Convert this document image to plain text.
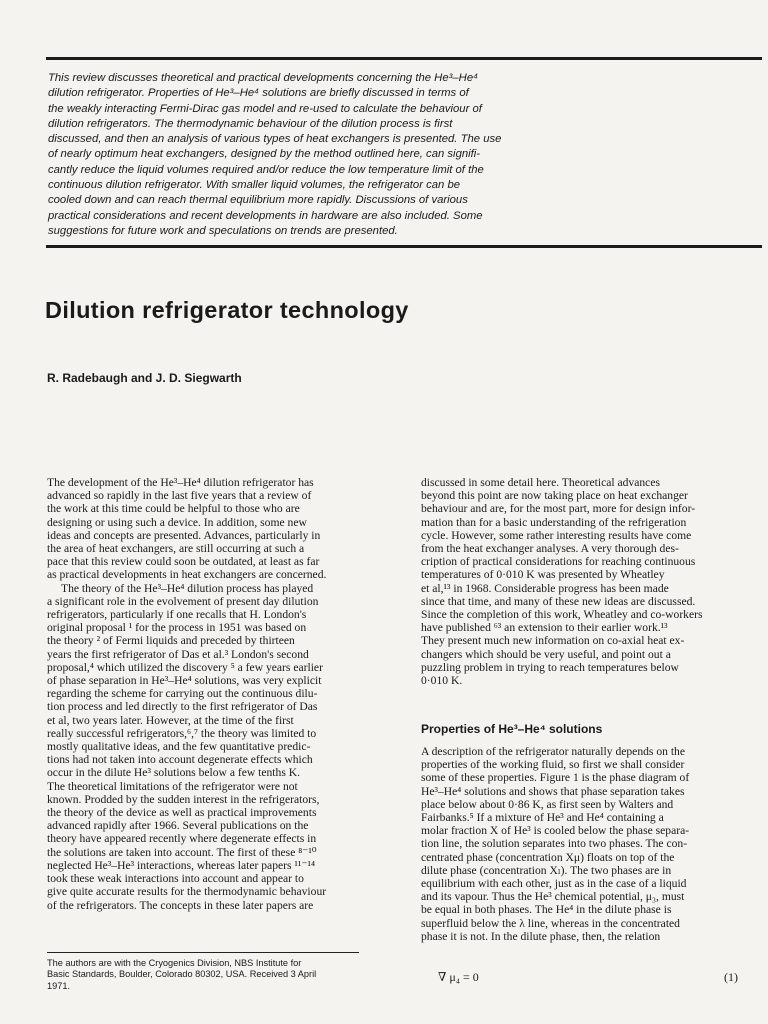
This review discusses theoretical and practical developments concerning the He³–He⁴
dilution refrigerator. Properties of He³–He⁴ solutions are briefly discussed in terms of
the weakly interacting Fermi-Dirac gas model and re-used to calculate the behaviour of
dilution refrigerators. The thermodynamic behaviour of the dilution process is first
discussed, and then an analysis of various types of heat exchangers is presented. The use
of nearly optimum heat exchangers, designed by the method outlined here, can signifi-
cantly reduce the liquid volumes required and/or reduce the low temperature limit of the
continuous dilution refrigerator. With smaller liquid volumes, the refrigerator can be
cooled down and can reach thermal equilibrium more rapidly. Discussions of various
practical considerations and recent developments in hardware are also included. Some
suggestions for future work and speculations on trends are presented.
Dilution refrigerator technology

R. Radebaugh and J. D. Siegwarth

The development of the He³–He⁴ dilution refrigerator has

advanced so rapidly in the last five years that a review of

the work at this time could be helpful to those who are

designing or using such a device. In addition, some new

ideas and concepts are presented. Advances, particularly in

the area of heat exchangers, are still occurring at such a

pace that this review could soon be outdated, at least as far

as practical developments in heat exchangers are concerned.

The theory of the He³–He⁴ dilution process has played

a significant role in the evolvement of present day dilution

refrigerators, particularly if one recalls that H. London's

original proposal ¹ for the process in 1951 was based on

the theory ² of Fermi liquids and preceded by thirteen

years the first refrigerator of Das et al.³ London's second

proposal,⁴ which utilized the discovery ⁵ a few years earlier

of phase separation in He³–He⁴ solutions, was very explicit

regarding the scheme for carrying out the continuous dilu-

tion process and led directly to the first refrigerator of Das

et al, two years later. However, at the time of the first

really successful refrigerators,⁶,⁷ the theory was limited to

mostly qualitative ideas, and the few quantitative predic-

tions had not taken into account degenerate effects which

occur in the dilute He³ solutions below a few tenths K.

The theoretical limitations of the refrigerator were not

known. Prodded by the sudden interest in the refrigerators,

the theory of the device as well as practical improvements

advanced rapidly after 1966. Several publications on the

theory have appeared recently where degenerate effects in

the solutions are taken into account. The first of these ⁸⁻¹⁰

neglected He³–He³ interactions, whereas later papers ¹¹⁻¹⁴

took these weak interactions into account and appear to

give quite accurate results for the thermodynamic behaviour

of the refrigerators. The concepts in these later papers are

discussed in some detail here. Theoretical advances

beyond this point are now taking place on heat exchanger

behaviour and are, for the most part, more for design infor-

mation than for a basic understanding of the refrigeration

cycle. However, some rather interesting results have come

from the heat exchanger analyses. A very thorough des-

cription of practical considerations for reaching continuous

temperatures of 0·010 K was presented by Wheatley

et al,¹³ in 1968. Considerable progress has been made

since that time, and many of these new ideas are discussed.

Since the completion of this work, Wheatley and co-workers

have published ⁶³ an extension to their earlier work.¹³

They present much new information on co-axial heat ex-

changers which should be very useful, and point out a

puzzling problem in trying to reach temperatures below

0·010 K.

Properties of He³–He⁴ solutions

A description of the refrigerator naturally depends on the

properties of the working fluid, so first we shall consider

some of these properties. Figure 1 is the phase diagram of

He³–He⁴ solutions and shows that phase separation takes

place below about 0·86 K, as first seen by Walters and

Fairbanks.⁵ If a mixture of He³ and He⁴ containing a

molar fraction X of He³ is cooled below the phase separa-

tion line, the solution separates into two phases. The con-

centrated phase (concentration Xμ) floats on top of the

dilute phase (concentration Xₗ). The two phases are in

equilibrium with each other, just as in the case of a liquid

and its vapour. Thus the He³ chemical potential, μ₃, must

be equal in both phases. The He⁴ in the dilute phase is

superfluid below the λ line, whereas in the concentrated

phase it is not. In the dilute phase, then, the relation

The authors are with the Cryogenics Division, NBS Institute for
Basic Standards, Boulder, Colorado 80302, USA. Received 3 April
1971.
∇ μ₄ = 0	(1)
